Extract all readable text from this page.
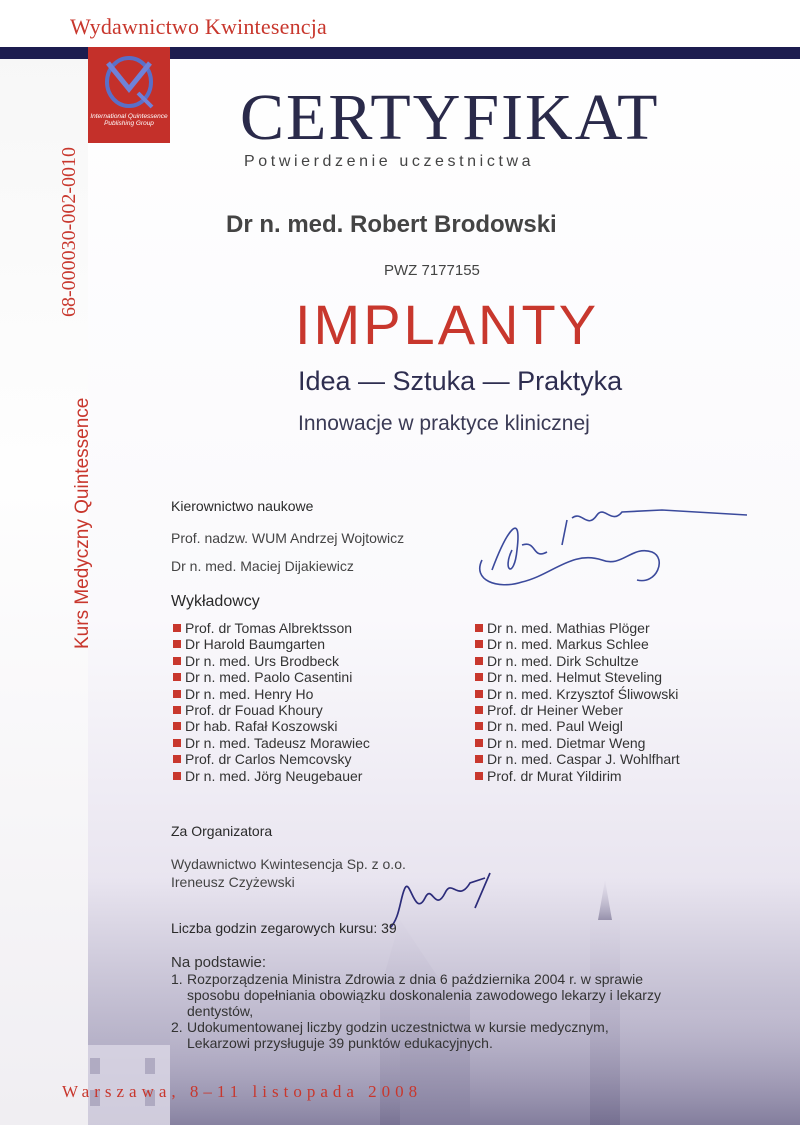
68-000030-002-0010
Kurs Medyczny Quintessence
Wydawnictwo Kwintesencja
International Quintessence Publishing Group CERTYFIKAT
Potwierdzenie uczestnictwa
Dr n. med. Robert Brodowski
PWZ 7177155
IMPLANTY
Idea — Sztuka — Praktyka
Innowacje w praktyce klinicznej
Kierownictwo naukowe
Prof. nadzw. WUM Andrzej Wojtowicz
Dr n. med. Maciej Dijakiewicz
Wykładowcy
Prof. dr Tomas Albrektsson
Dr Harold Baumgarten
Dr n. med. Urs Brodbeck
Dr n. med. Paolo Casentini
Dr n. med. Henry Ho
Prof. dr Fouad Khoury
Dr hab. Rafał Koszowski
Dr n. med. Tadeusz Morawiec
Prof. dr Carlos Nemcovsky
Dr n. med. Jörg Neugebauer
Dr n. med. Mathias Plöger
Dr n. med. Markus Schlee
Dr n. med. Dirk Schultze
Dr n. med. Helmut Steveling
Dr n. med. Krzysztof Śliwowski
Prof. dr Heiner Weber
Dr n. med. Paul Weigl
Dr n. med. Dietmar Weng
Dr n. med. Caspar J. Wohlfhart
Prof. dr Murat Yildirim
Za Organizatora
Wydawnictwo Kwintesencja Sp. z o.o.
Ireneusz Czyżewski
Liczba godzin zegarowych kursu: 39
Na podstawie:
1. Rozporządzenia Ministra Zdrowia z dnia 6 października 2004 r. w sprawie
sposobu dopełniania obowiązku doskonalenia zawodowego lekarzy i lekarzy
dentystów,
2. Udokumentowanej liczby godzin uczestnictwa w kursie medycznym,
Lekarzowi przysługuje 39 punktów edukacyjnych.
Warszawa, 8–11 listopada 2008
